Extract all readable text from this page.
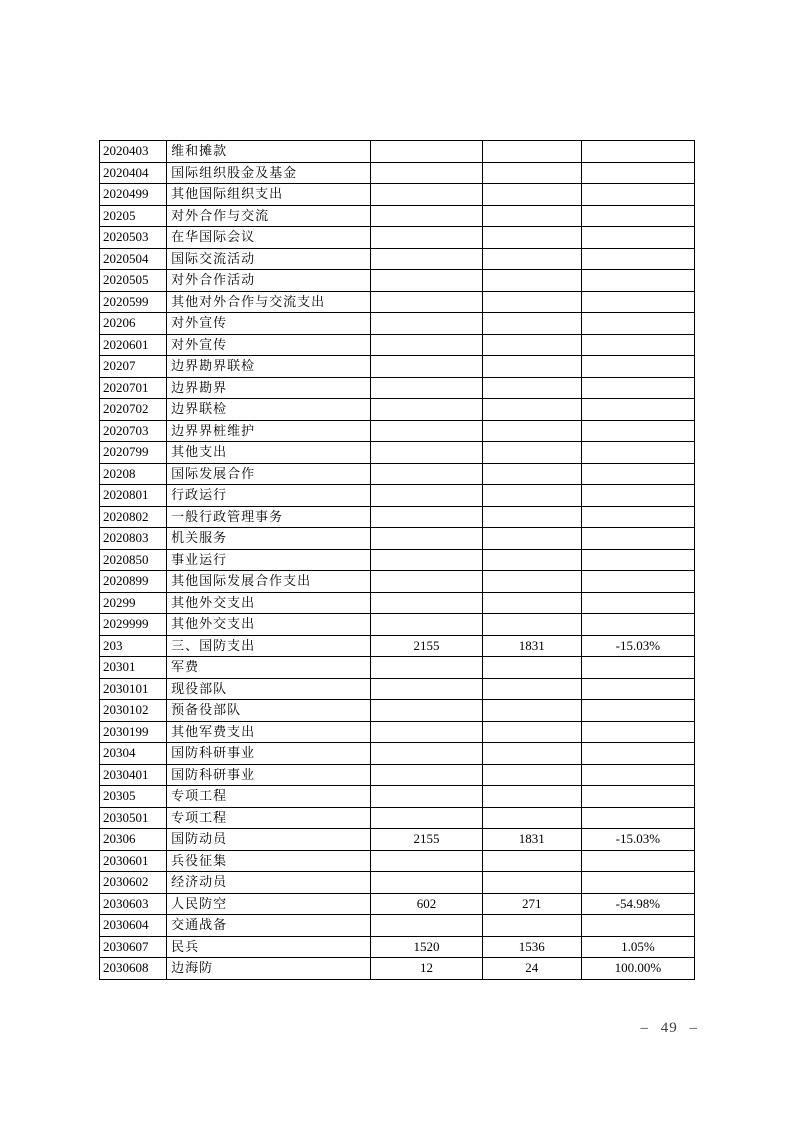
2020403	维和摊款			
2020404	国际组织股金及基金			
2020499	其他国际组织支出			
20205	对外合作与交流			
2020503	在华国际会议			
2020504	国际交流活动			
2020505	对外合作活动			
2020599	其他对外合作与交流支出			
20206	对外宣传			
2020601	对外宣传			
20207	边界勘界联检			
2020701	边界勘界			
2020702	边界联检			
2020703	边界界桩维护			
2020799	其他支出			
20208	国际发展合作			
2020801	行政运行			
2020802	一般行政管理事务			
2020803	机关服务			
2020850	事业运行			
2020899	其他国际发展合作支出			
20299	其他外交支出			
2029999	其他外交支出			
203	三、国防支出	2155	1831	-15.03%
20301	军费			
2030101	现役部队			
2030102	预备役部队			
2030199	其他军费支出			
20304	国防科研事业			
2030401	国防科研事业			
20305	专项工程			
2030501	专项工程			
20306	国防动员	2155	1831	-15.03%
2030601	兵役征集			
2030602	经济动员			
2030603	人民防空	602	271	-54.98%
2030604	交通战备			
2030607	民兵	1520	1536	1.05%
2030608	边海防	12	24	100.00%
– 49 –
